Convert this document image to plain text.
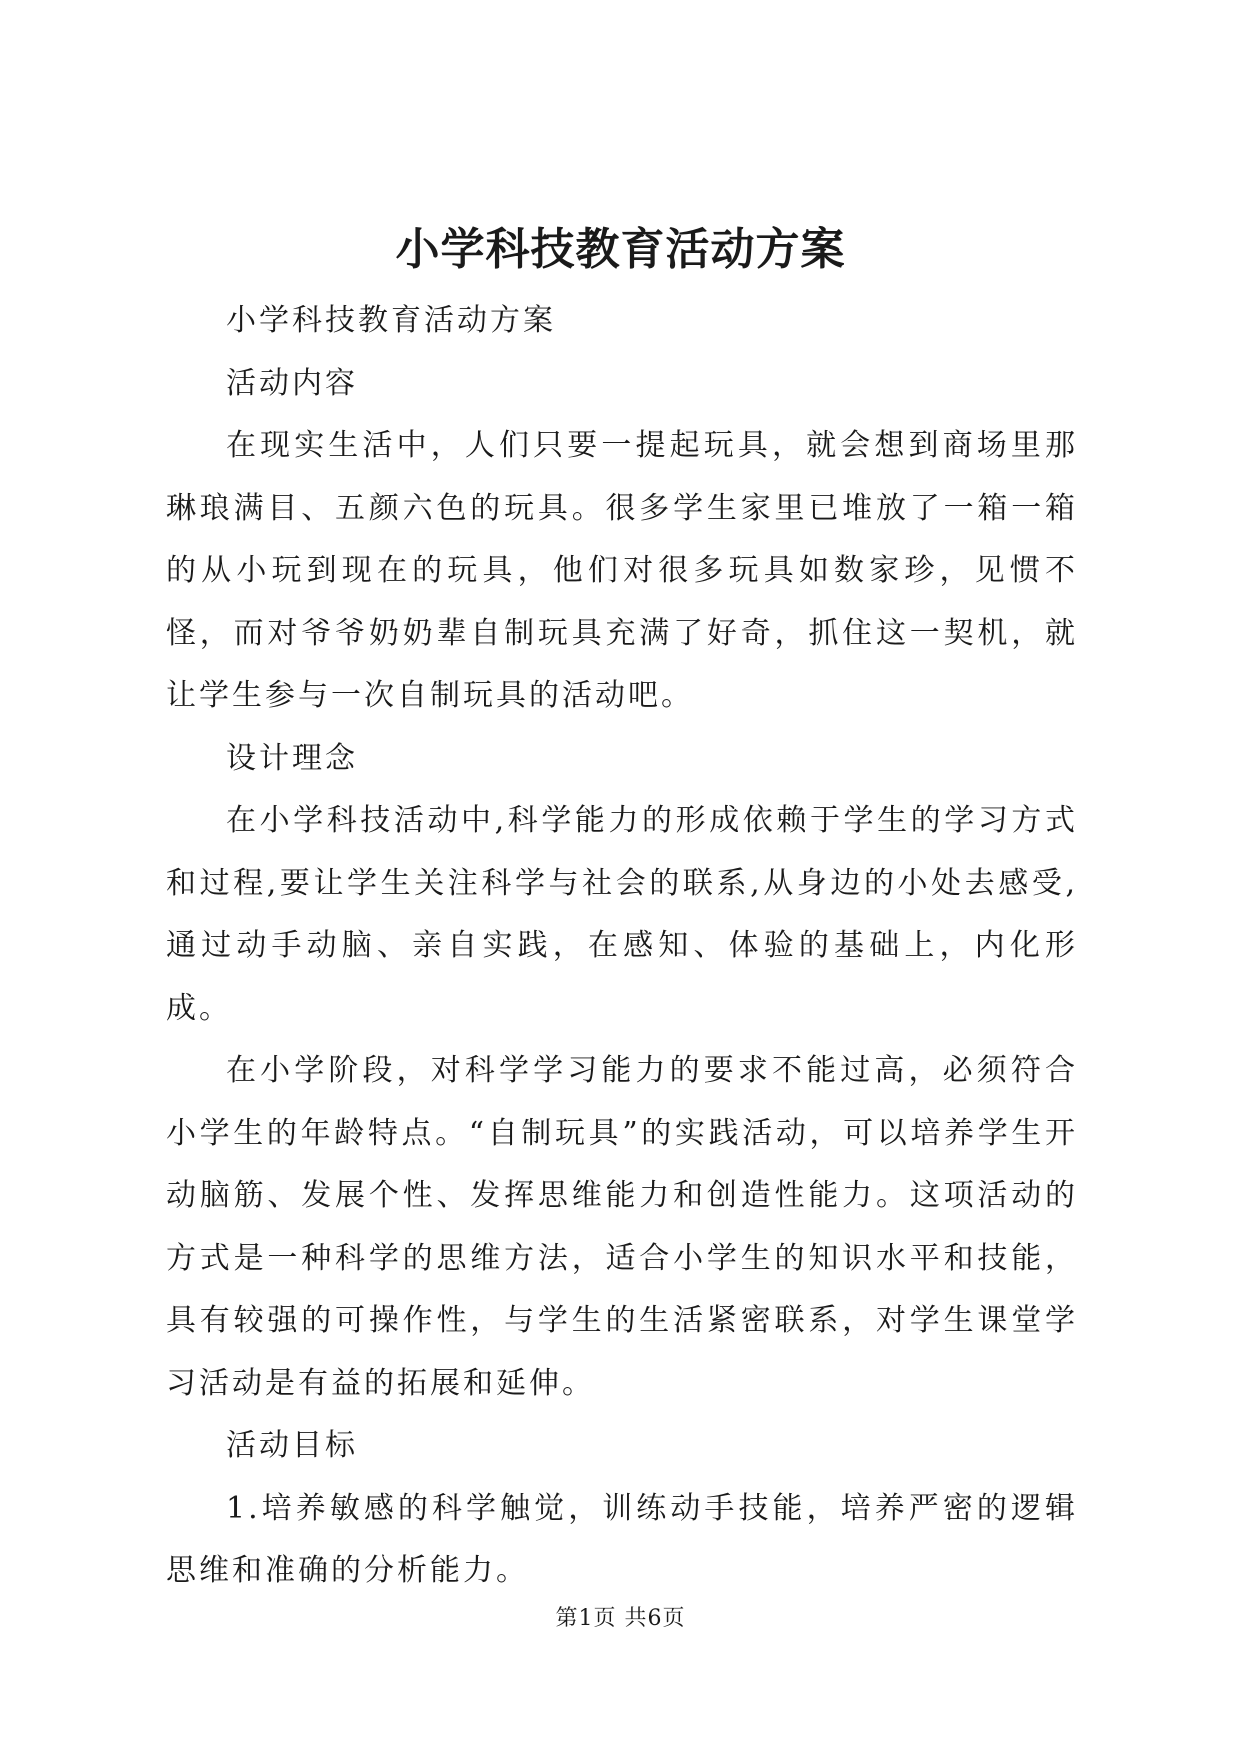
小学科技教育活动方案

小学科技教育活动方案

活动内容

在现实生活中，人们只要一提起玩具，就会想到商场里那琳琅满目、五颜六色的玩具。很多学生家里已堆放了一箱一箱的从小玩到现在的玩具，他们对很多玩具如数家珍，见惯不怪，而对爷爷奶奶辈自制玩具充满了好奇，抓住这一契机，就让学生参与一次自制玩具的活动吧。

设计理念

在小学科技活动中,科学能力的形成依赖于学生的学习方式和过程,要让学生关注科学与社会的联系,从身边的小处去感受,通过动手动脑、亲自实践，在感知、体验的基础上，内化形成。

在小学阶段，对科学学习能力的要求不能过高，必须符合小学生的年龄特点。“自制玩具”的实践活动，可以培养学生开动脑筋、发展个性、发挥思维能力和创造性能力。这项活动的方式是一种科学的思维方法，适合小学生的知识水平和技能，具有较强的可操作性，与学生的生活紧密联系，对学生课堂学习活动是有益的拓展和延伸。

活动目标

1.培养敏感的科学触觉，训练动手技能，培养严密的逻辑思维和准确的分析能力。

第1页 共6页
